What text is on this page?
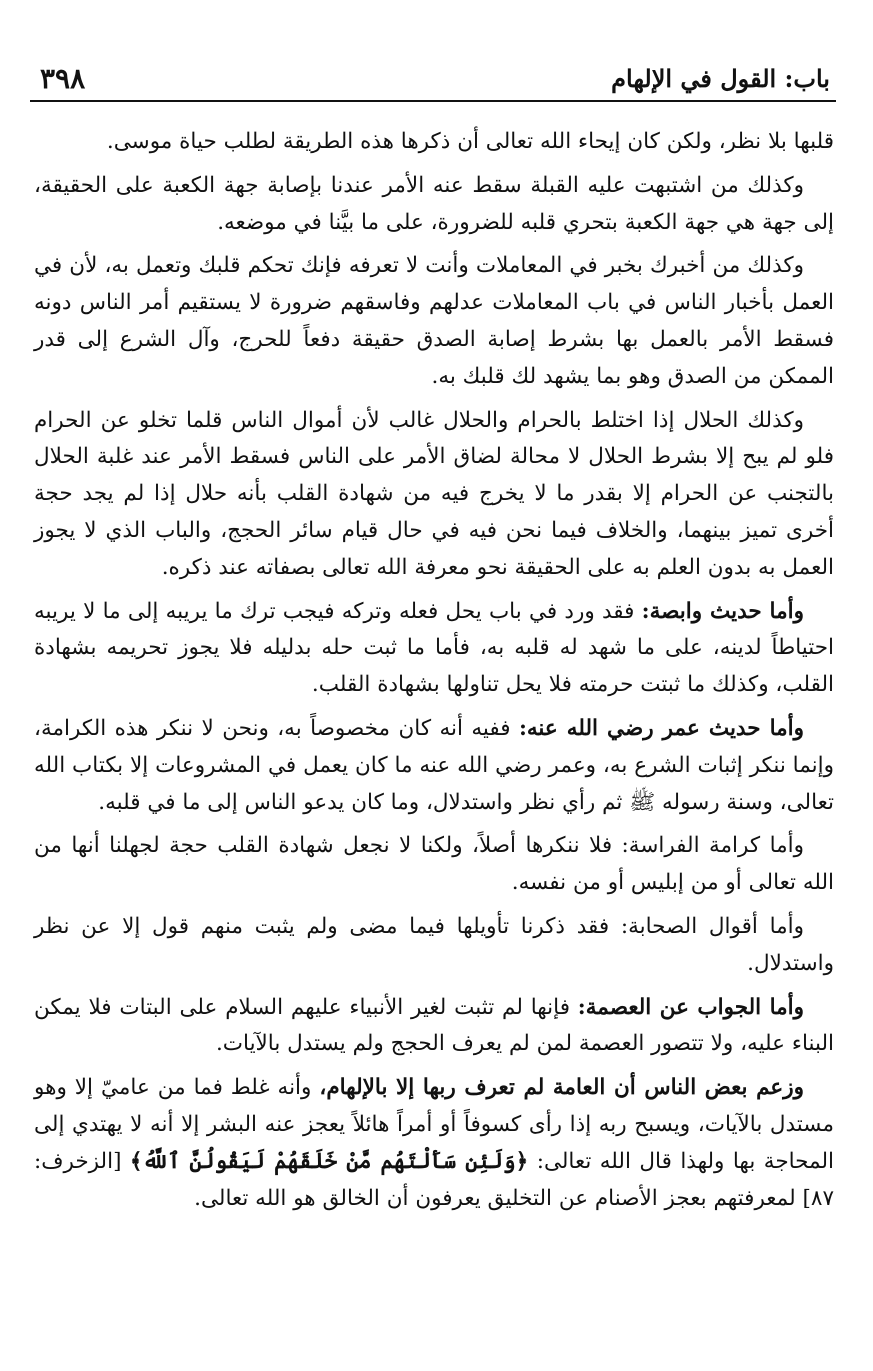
٣٩٨	باب: القول في الإلهام

قلبها بلا نظر، ولكن كان إيحاء الله تعالى أن ذكرها هذه الطريقة لطلب حياة موسى.

وكذلك من اشتبهت عليه القبلة سقط عنه الأمر عندنا بإصابة جهة الكعبة على الحقيقة، إلى جهة هي جهة الكعبة بتحري قلبه للضرورة، على ما بيَّنا في موضعه.

وكذلك من أخبرك بخبر في المعاملات وأنت لا تعرفه فإنك تحكم قلبك وتعمل به، لأن في العمل بأخبار الناس في باب المعاملات عدلهم وفاسقهم ضرورة لا يستقيم أمر الناس دونه فسقط الأمر بالعمل بها بشرط إصابة الصدق حقيقة دفعاً للحرج، وآل الشرع إلى قدر الممكن من الصدق وهو بما يشهد لك قلبك به.

وكذلك الحلال إذا اختلط بالحرام والحلال غالب لأن أموال الناس قلما تخلو عن الحرام فلو لم يبح إلا بشرط الحلال لا محالة لضاق الأمر على الناس فسقط الأمر عند غلبة الحلال بالتجنب عن الحرام إلا بقدر ما لا يخرج فيه من شهادة القلب بأنه حلال إذا لم يجد حجة أخرى تميز بينهما، والخلاف فيما نحن فيه في حال قيام سائر الحجج، والباب الذي لا يجوز العمل به بدون العلم به على الحقيقة نحو معرفة الله تعالى بصفاته عند ذكره.

وأما حديث وابصة: فقد ورد في باب يحل فعله وتركه فيجب ترك ما يريبه إلى ما لا يريبه احتياطاً لدينه، على ما شهد له قلبه به، فأما ما ثبت حله بدليله فلا يجوز تحريمه بشهادة القلب، وكذلك ما ثبتت حرمته فلا يحل تناولها بشهادة القلب.

وأما حديث عمر رضي الله عنه: ففيه أنه كان مخصوصاً به، ونحن لا ننكر هذه الكرامة، وإنما ننكر إثبات الشرع به، وعمر رضي الله عنه ما كان يعمل في المشروعات إلا بكتاب الله تعالى، وسنة رسوله ﷺ ثم رأي نظر واستدلال، وما كان يدعو الناس إلى ما في قلبه.

وأما كرامة الفراسة: فلا ننكرها أصلاً، ولكنا لا نجعل شهادة القلب حجة لجهلنا أنها من الله تعالى أو من إبليس أو من نفسه.

وأما أقوال الصحابة: فقد ذكرنا تأويلها فيما مضى ولم يثبت منهم قول إلا عن نظر واستدلال.

وأما الجواب عن العصمة: فإنها لم تثبت لغير الأنبياء عليهم السلام على البتات فلا يمكن البناء عليه، ولا تتصور العصمة لمن لم يعرف الحجج ولم يستدل بالآيات.

وزعم بعض الناس أن العامة لم تعرف ربها إلا بالإلهام، وأنه غلط فما من عاميّ إلا وهو مستدل بالآيات، ويسبح ربه إذا رأى كسوفاً أو أمراً هائلاً يعجز عنه البشر إلا أنه لا يهتدي إلى المحاجة بها ولهذا قال الله تعالى: ﴿وَلَئِن سَأَلْتَهُم مَّنْ خَلَقَهُمْ لَيَقُولُنَّ ٱللَّهُ﴾ [الزخرف: ٨٧] لمعرفتهم بعجز الأصنام عن التخليق يعرفون أن الخالق هو الله تعالى.
